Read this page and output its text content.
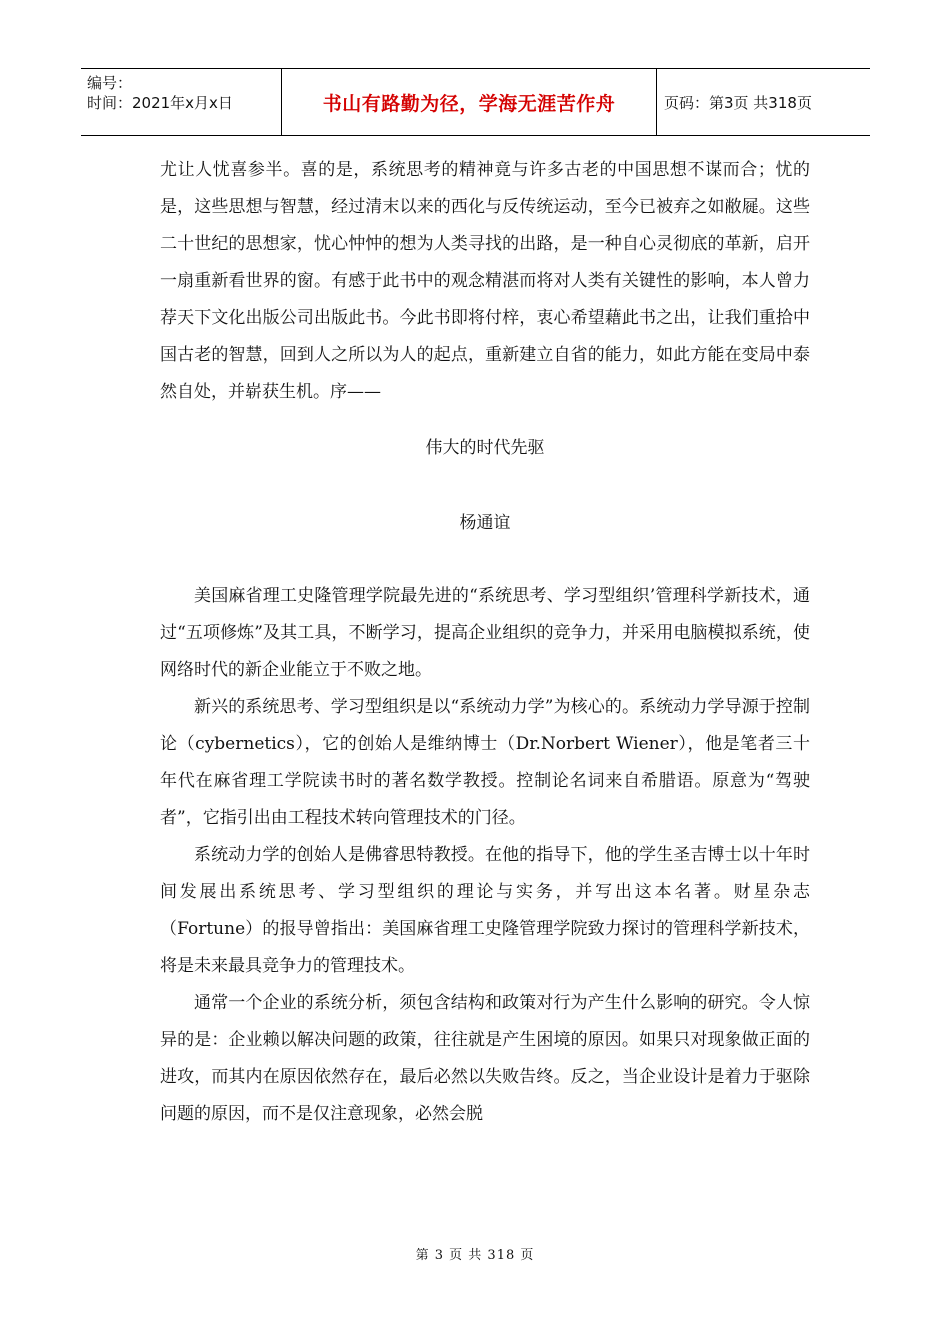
编号：
时间：2021年x月x日	书山有路勤为径，学海无涯苦作舟	页码：第3页 共318页

尤让人忧喜参半。喜的是，系统思考的精神竟与许多古老的中国思想不谋而合；忧的是，这些思想与智慧，经过清末以来的西化与反传统运动，至今已被弃之如敝屣。这些二十世纪的思想家，忧心忡忡的想为人类寻找的出路，是一种自心灵彻底的革新，启开一扇重新看世界的窗。有感于此书中的观念精湛而将对人类有关键性的影响，本人曾力荐天下文化出版公司出版此书。今此书即将付梓，衷心希望藉此书之出，让我们重拾中国古老的智慧，回到人之所以为人的起点，重新建立自省的能力，如此方能在变局中泰然自处，并崭获生机。序——

伟大的时代先驱

杨通谊

美国麻省理工史隆管理学院最先进的“系统思考、学习型组织’管理科学新技术，通过“五项修炼”及其工具，不断学习，提高企业组织的竞争力，并采用电脑模拟系统，使网络时代的新企业能立于不败之地。

新兴的系统思考、学习型组织是以“系统动力学”为核心的。系统动力学导源于控制论（cybernetics），它的创始人是维纳博士（Dr.Norbert Wiener），他是笔者三十年代在麻省理工学院读书时的著名数学教授。控制论名词来自希腊语。原意为“驾驶者”，它指引出由工程技术转向管理技术的门径。

系统动力学的创始人是佛睿思特教授。在他的指导下，他的学生圣吉博士以十年时间发展出系统思考、学习型组织的理论与实务，并写出这本名著。财星杂志（Fortune）的报导曾指出：美国麻省理工史隆管理学院致力探讨的管理科学新技术，将是未来最具竞争力的管理技术。

通常一个企业的系统分析，须包含结构和政策对行为产生什么影响的研究。令人惊异的是：企业赖以解决问题的政策，往往就是产生困境的原因。如果只对现象做正面的进攻，而其内在原因依然存在，最后必然以失败告终。反之，当企业设计是着力于驱除问题的原因，而不是仅注意现象，必然会脱

第 3 页 共 318 页
